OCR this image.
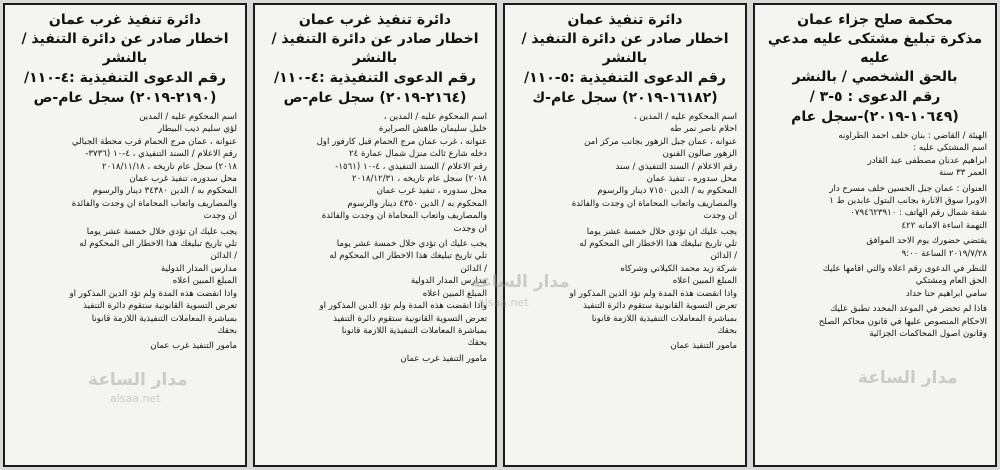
محكمة صلح جزاء عمان
مذكرة تبليغ مشتكى عليه مدعي عليه
بالحق الشخصي / بالنشر
رقم الدعوى : ٥-٣ /
(١٠٦٤٩-٢٠١٩)-سجل عام

الهيئة / القاضي : بنان خلف احمد الطراونه

اسم المشتكى عليه :

ابراهيم عدنان مصطفى عبد القادر

العمر ٣٣ سنة

العنوان : عمان جبل الحسين خلف مسرح دار

الاوبرا سوق الانارة بجانب البتول عابدين ط ١

شقة شمال رقم الهاتف : ٠٧٩٤٦٢٣٩١٠

التهمة اساءة الامانه ٤٢٢

يقتضي حضورك يوم الاحد الموافق

٢٠١٩/٧/٢٨ الساعة ٩:٠٠

للنظر في الدعوى رقم اعلاه والتي اقامها عليك

الحق العام ومشتكي

سامي ابراهيم حنا حداد

فاذا لم تحضر في الموعد المحدد تطبق عليك

الاحكام المنصوص عليها في قانون محاكم الصلح

وقانون اصول المحاكمات الجزائية

دائرة تنفيذ عمان
اخطار صادر عن دائرة التنفيذ / بالنشر
رقم الدعوى التنفيذية :٥-١١٠/
(١٦١٨٢-٢٠١٩) سجل عام-ك

اسم المحكوم عليه / المدين ،

احلام ناصر نمر طه

عنوانه ، عمان جبل الزهور بجانب مركز امن

الزهور صالون الفنون

رقم الاعلام / السند التنفيذي / سند

محل سدوره ، تنفيذ عمان

المحكوم به / الدين ٧١٥٠ دينار والرسوم

والمصاريف واتعاب المحاماة ان وجدت والفائدة

ان وجدت

يجب عليك ان تؤدي خلال خمسة عشر يوما

تلي تاريخ تبليغك هذا الاخطار الى المحكوم له

/ الدائن

شركة زيد محمد الكيلاني وشركاه

المبلغ المبين اعلاه

واذا انقضت هذه المدة ولم تؤد الدين المذكور او

تعرض التسوية القانونية ستقوم دائرة التنفيذ

بمباشرة المعاملات التنفيذية اللازمة قانونا

بحقك

مامور التنفيذ عمان

دائرة تنفيذ غرب عمان
اخطار صادر عن دائرة التنفيذ / بالنشر
رقم الدعوى التنفيذية :٤-١١٠/
(٢١٦٤-٢٠١٩) سجل عام-ص

اسم المحكوم عليه / المدين ،

خليل سليمان طاهش الصرايرة

عنوانه ، غرب عمان مرج الحمام قبل كارفور اول

دخله شارع ثالث منزل شمال عمارة ٢٤

رقم الاعلام / السند التنفيذي ، ٤-١٠ (١٥٦١-

٢٠١٨) سجل عام تاريخه ، ٢٠١٨/١٢/٣١

محل سدوره ، تنفيذ غرب عمان

المحكوم به / الدين ٤٣٥٠ دينار والرسوم

والمصاريف واتعاب المحاماة ان وجدت والفائدة

ان وجدت

يجب عليك ان تؤدي خلال خمسة عشر يوما

تلي تاريخ تبليغك هذا الاخطار الى المحكوم له

/ الدائن

مدارس المدار الدولية

المبلغ المبين اعلاه

واذا انقضت هذه المدة ولم تؤد الدين المذكور او

تعرض التسوية القانونية ستقوم دائرة التنفيذ

بمباشرة المعاملات التنفيذية اللازمة قانونا

بحقك

مامور التنفيذ غرب عمان

دائرة تنفيذ غرب عمان
اخطار صادر عن دائرة التنفيذ / بالنشر
رقم الدعوى التنفيذية :٤-١١٠/
(٢١٩٠-٢٠١٩) سجل عام-ص

اسم المحكوم عليه / المدين

لؤي سليم ذيب البيطار

عنوانه ، عمان مرج الحمام قرب محطة الجبالي

رقم الاعلام / السند التنفيذي ، ٤-١٠ (٣٧٣٦-

٢٠١٨) سجل عام تاريخه ، ٢٠١٨/١١/١٨

محل سدوره، تنفيذ غرب عمان

المحكوم به / الدين ٣٤٣٨٠ دينار والرسوم

والمصاريف واتعاب المحاماة ان وجدت والفائدة

ان وجدت

يجب عليك ان تؤدي خلال خمسة عشر يوما

تلي تاريخ تبليغك هذا الاخطار الى المحكوم له

/ الدائن

مدارس المدار الدولية

المبلغ المبين اعلاه

واذا انقضت هذه المدة ولم تؤد الدين المذكور او

تعرض التسوية القانونية ستقوم دائرة التنفيذ

بمباشرة المعاملات التنفيذية اللازمة قانونا

بحقك

مامور التنفيذ غرب عمان

مدار الساعة
alsaa.net
مدار الساعة
alsaa.net
مدار الساعة
